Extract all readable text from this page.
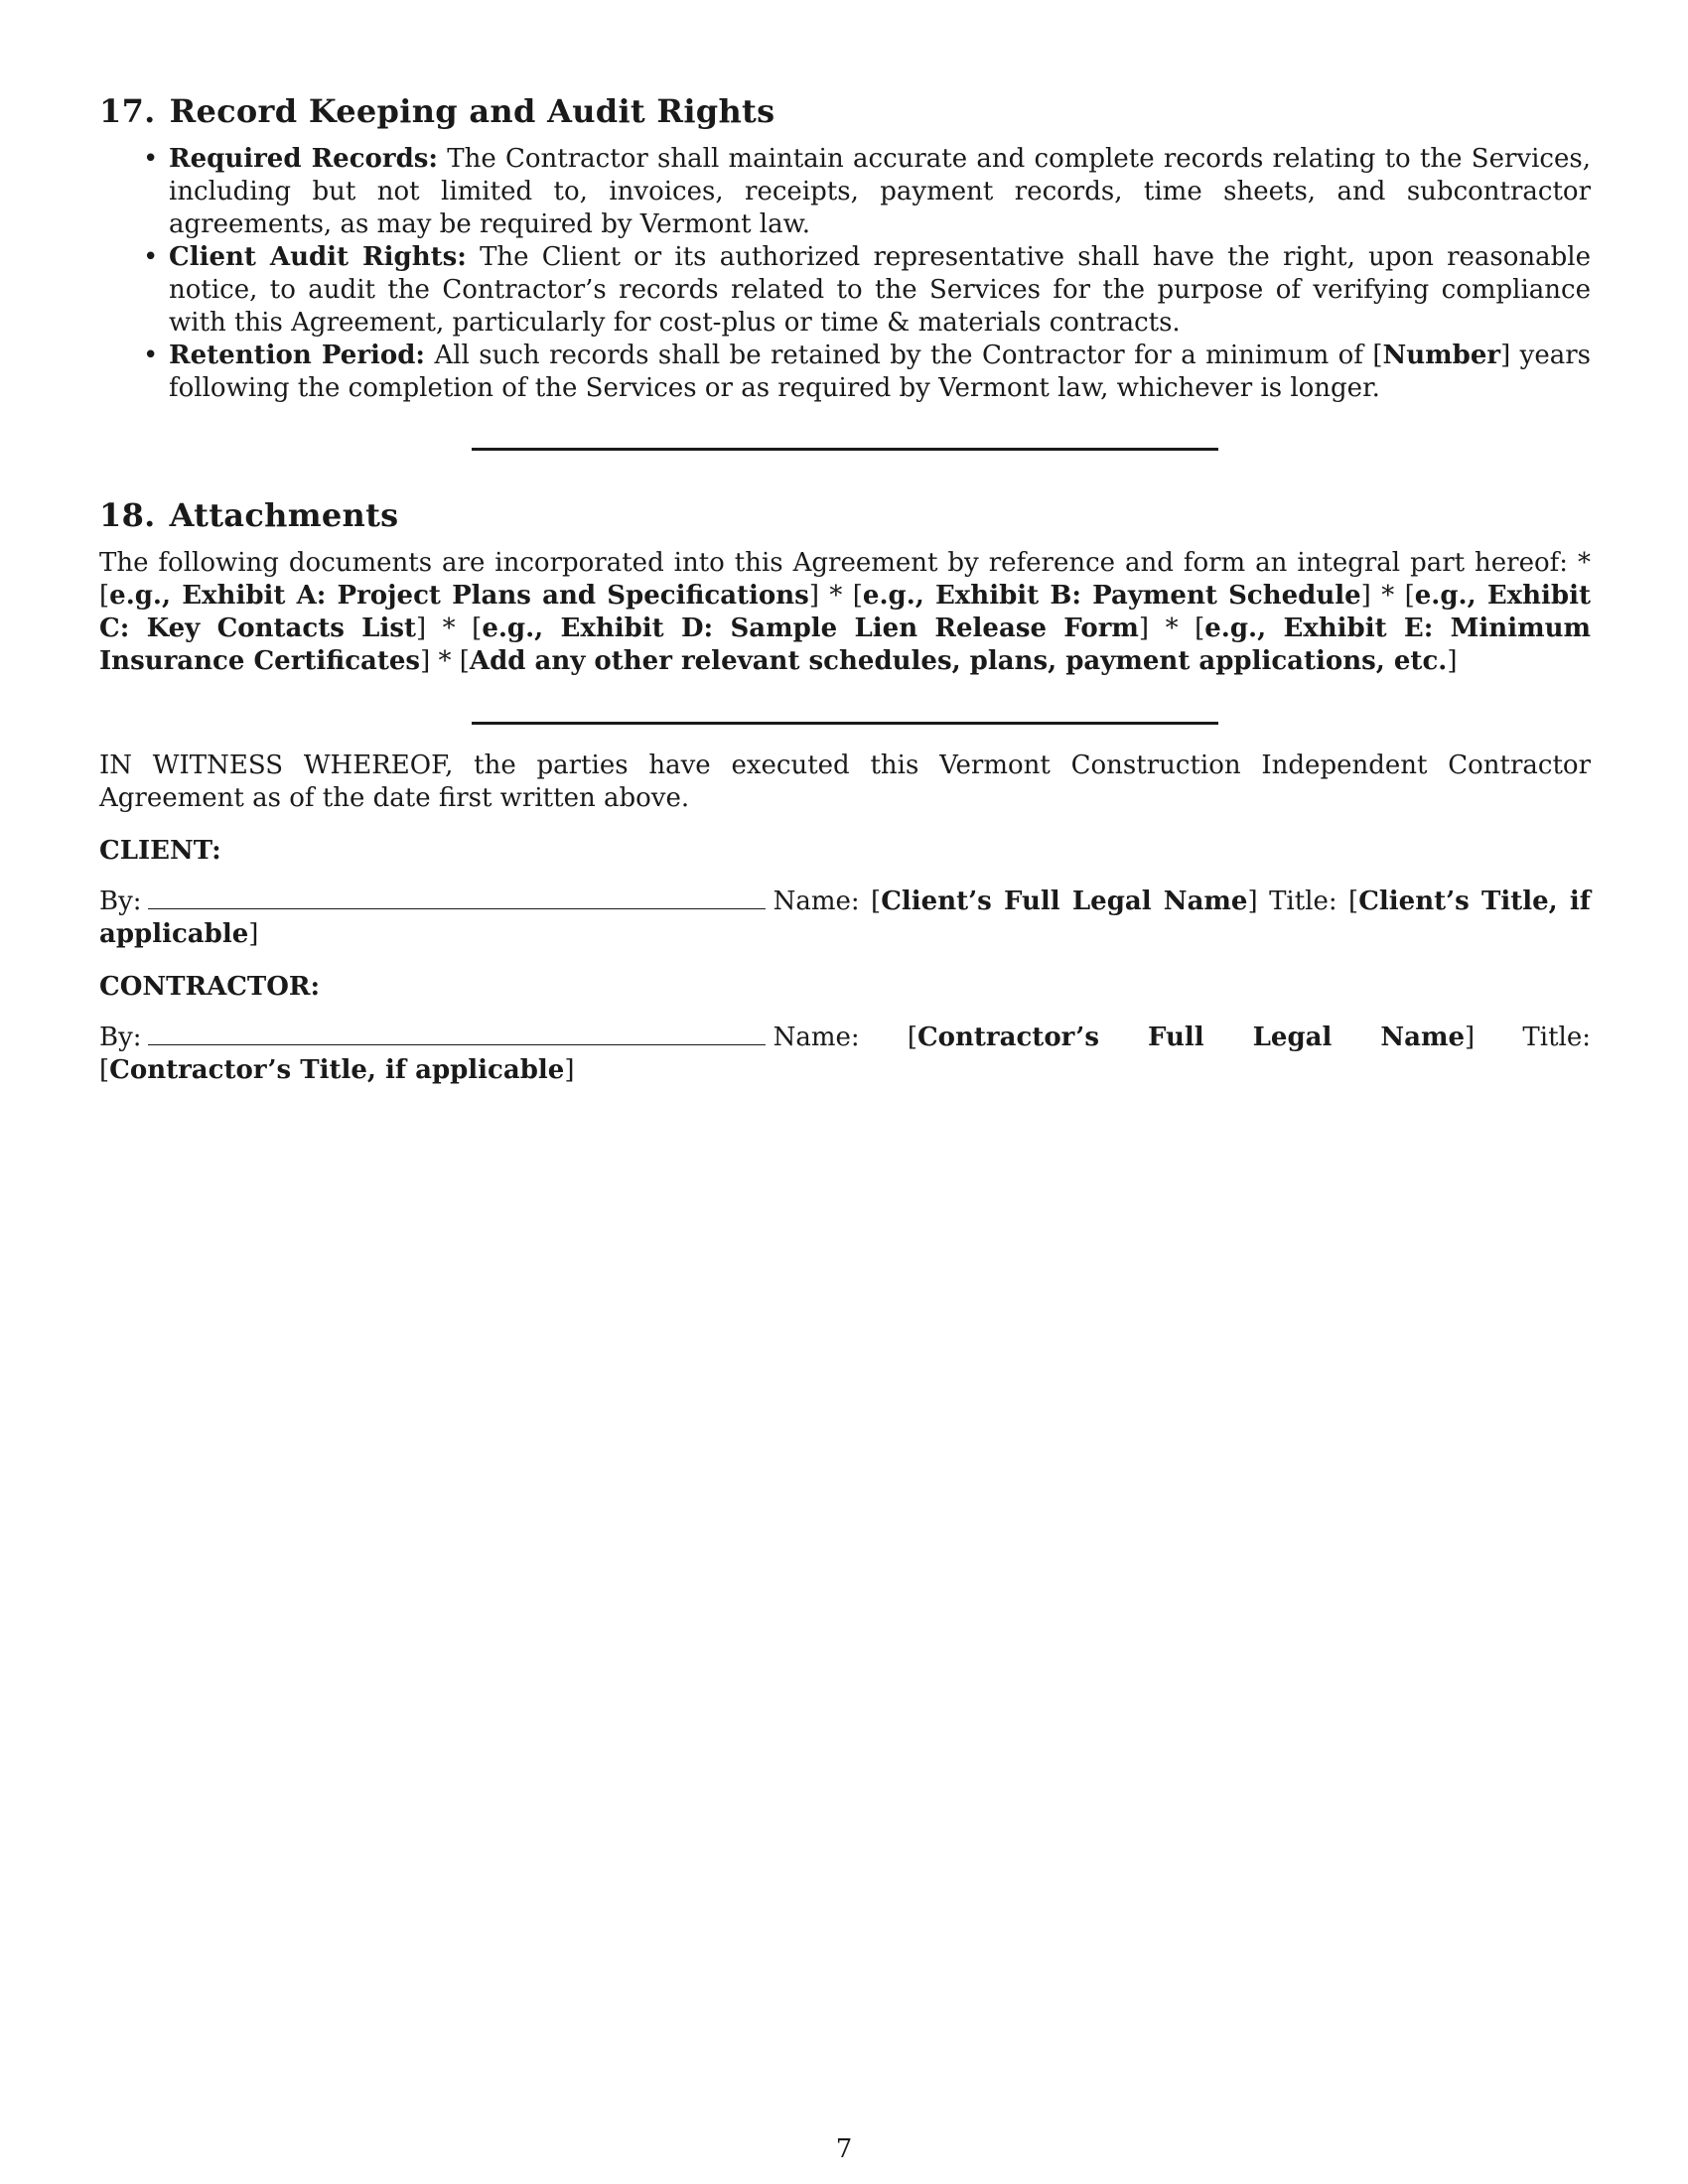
17. Record Keeping and Audit Rights
• Required Records: The Contractor shall maintain accurate and complete records relating to the Services, including but not limited to, invoices, receipts, payment records, time sheets, and subcontractor agreements, as may be required by Vermont law.
• Client Audit Rights: The Client or its authorized representative shall have the right, upon reasonable notice, to audit the Contractor’s records related to the Services for the purpose of verifying compliance with this Agreement, particularly for cost-plus or time & materials contracts.
• Retention Period: All such records shall be retained by the Contractor for a minimum of [Number] years following the completion of the Services or as required by Vermont law, whichever is longer.
18. Attachments

The following documents are incorporated into this Agreement by reference and form an integral part hereof: * [e.g., Exhibit A: Project Plans and Specifications] * [e.g., Exhibit B: Payment Schedule] * [e.g., Exhibit C: Key Contacts List] * [e.g., Exhibit D: Sample Lien Release Form] * [e.g., Exhibit E: Minimum Insurance Certificates] * [Add any other relevant schedules, plans, payment applications, etc.]

IN WITNESS WHEREOF, the parties have executed this Vermont Construction Independent Contractor Agreement as of the date first written above.

CLIENT:

By:	Name: [Client’s Full Legal Name] Title: [Client’s Title, if applicable]

CONTRACTOR:

By:	Name: [Contractor’s Full Legal Name] Title: [Contractor’s Title, if applicable]

7
